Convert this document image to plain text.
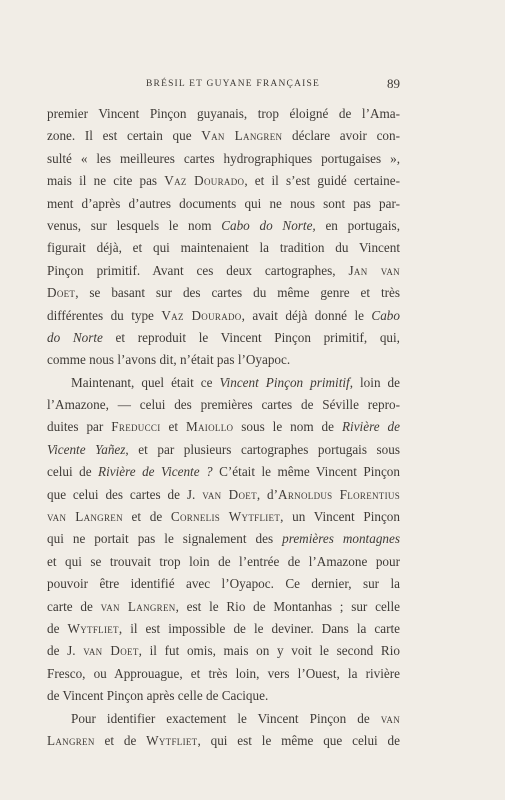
BRÉSIL ET GUYANE FRANÇAISE	89
premier Vincent Pinçon guyanais, trop éloigné de l’Ama-
zone. Il est certain que Van Langren déclare avoir con-
sulté « les meilleures cartes hydrographiques portugaises »,
mais il ne cite pas Vaz Dourado, et il s’est guidé certaine-
ment d’après d’autres documents qui ne nous sont pas par-
venus, sur lesquels le nom Cabo do Norte, en portugais,
figurait déjà, et qui maintenaient la tradition du Vincent
Pinçon primitif. Avant ces deux cartographes, Jan van
Doet, se basant sur des cartes du même genre et très
différentes du type Vaz Dourado, avait déjà donné le Cabo
do Norte et reproduit le Vincent Pinçon primitif, qui,
comme nous l’avons dit, n’était pas l’Oyapoc.
Maintenant, quel était ce Vincent Pinçon primitif, loin de
l’Amazone, — celui des premières cartes de Séville repro-
duites par Freducci et Maiollo sous le nom de Rivière de
Vicente Yañez, et par plusieurs cartographes portugais sous
celui de Rivière de Vicente ? C’était le même Vincent Pinçon
que celui des cartes de J. van Doet, d’Arnoldus Florentius
van Langren et de Cornelis Wytfliet, un Vincent Pinçon
qui ne portait pas le signalement des premières montagnes
et qui se trouvait trop loin de l’entrée de l’Amazone pour
pouvoir être identifié avec l’Oyapoc. Ce dernier, sur la
carte de van Langren, est le Rio de Montanhas ; sur celle
de Wytfliet, il est impossible de le deviner. Dans la carte
de J. van Doet, il fut omis, mais on y voit le second Rio
Fresco, ou Approuague, et très loin, vers l’Ouest, la rivière
de Vincent Pinçon après celle de Cacique.
Pour identifier exactement le Vincent Pinçon de van
Langren et de Wytfliet, qui est le même que celui de
